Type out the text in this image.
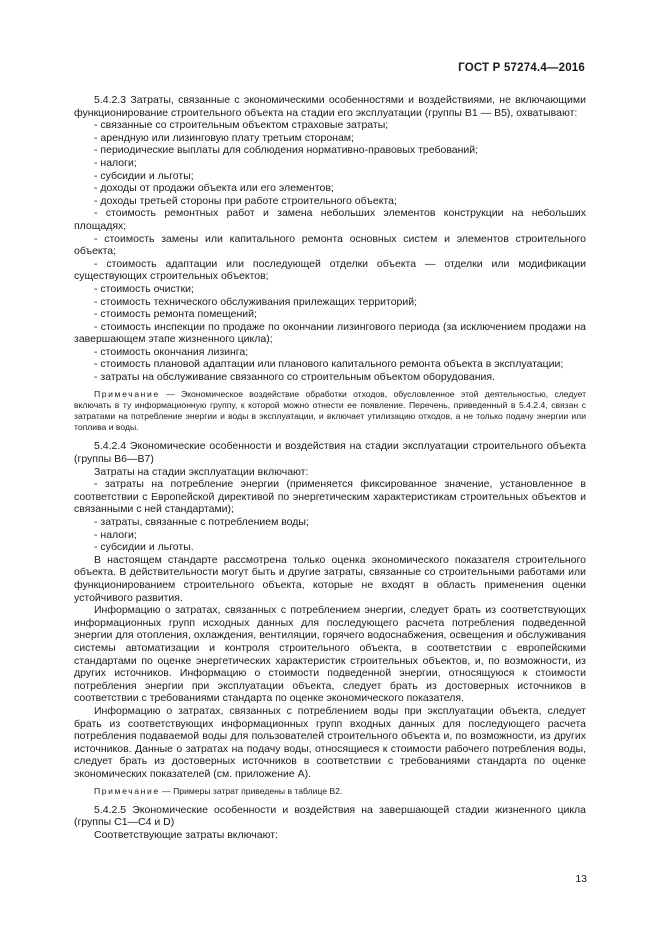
ГОСТ Р 57274.4—2016

5.4.2.3 Затраты, связанные с экономическими особенностями и воздействиями, не включающими функционирование строительного объекта на стадии его эксплуатации (группы В1 — В5), охватывают:

- связанные со строительным объектом страховые затраты;
- арендную или лизинговую плату третьим сторонам;
- периодические выплаты для соблюдения нормативно-правовых требований;
- налоги;
- субсидии и льготы;
- доходы от продажи объекта или его элементов;
- доходы третьей стороны при работе строительного объекта;
- стоимость ремонтных работ и замена небольших элементов конструкции на небольших площадях;
- стоимость замены или капитального ремонта основных систем и элементов строительного объекта;
- стоимость адаптации или последующей отделки объекта — отделки или модификации существующих строительных объектов;
- стоимость очистки;
- стоимость технического обслуживания прилежащих территорий;
- стоимость ремонта помещений;
- стоимость инспекции по продаже по окончании лизингового периода (за исключением продажи на завершающем этапе жизненного цикла);
- стоимость окончания лизинга;
- стоимость плановой адаптации или планового капитального ремонта объекта в эксплуатации;
- затраты на обслуживание связанного со строительным объектом оборудования.

Примечание — Экономическое воздействие обработки отходов, обусловленное этой деятельностью, следует включать в ту информационную группу, к которой можно отнести ее появление. Перечень, приведенный в 5.4.2.4, связан с затратами на потребление энергии и воды в эксплуатации, и включает утилизацию отходов, а не только подачу энергии или топлива и воды.

5.4.2.4 Экономические особенности и воздействия на стадии эксплуатации строительного объекта (группы В6—В7)

Затраты на стадии эксплуатации включают:

- затраты на потребление энергии (применяется фиксированное значение, установленное в соответствии с Европейской директивой по энергетическим характеристикам строительных объектов и связанными с ней стандартами);
- затраты, связанные с потреблением воды;
- налоги;
- субсидии и льготы.

В настоящем стандарте рассмотрена только оценка экономического показателя строительного объекта. В действительности могут быть и другие затраты, связанные со строительными работами или функционированием строительного объекта, которые не входят в область применения оценки устойчивого развития.

Информацию о затратах, связанных с потреблением энергии, следует брать из соответствующих информационных групп исходных данных для последующего расчета потребления подведенной энергии для отопления, охлаждения, вентиляции, горячего водоснабжения, освещения и обслуживания системы автоматизации и контроля строительного объекта, в соответствии с европейскими стандартами по оценке энергетических характеристик строительных объектов, и, по возможности, из других источников. Информацию о стоимости подведенной энергии, относящуюся к стоимости потребления энергии при эксплуатации объекта, следует брать из достоверных источников в соответствии с требованиями стандарта по оценке экономического показателя.

Информацию о затратах, связанных с потреблением воды при эксплуатации объекта, следует брать из соответствующих информационных групп входных данных для последующего расчета потребления подаваемой воды для пользователей строительного объекта и, по возможности, из других источников. Данные о затратах на подачу воды, относящиеся к стоимости рабочего потребления воды, следует брать из достоверных источников в соответствии с требованиями стандарта по оценке экономических показателей (см. приложение А).

Примечание — Примеры затрат приведены в таблице В2.

5.4.2.5 Экономические особенности и воздействия на завершающей стадии жизненного цикла (группы С1—С4 и D)

Соответствующие затраты включают:

13
